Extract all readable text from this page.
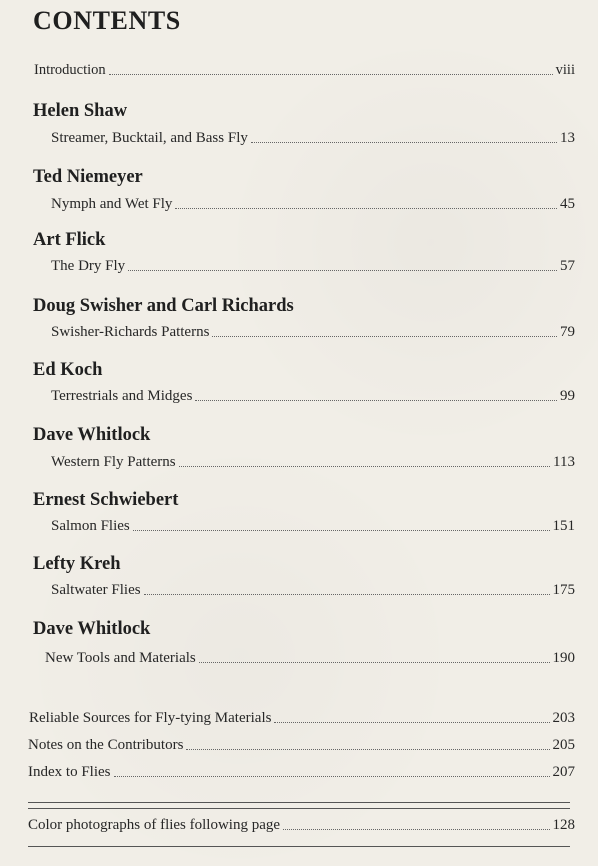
CONTENTS
Introduction	viii
Helen Shaw
Streamer, Bucktail, and Bass Fly	13
Ted Niemeyer
Nymph and Wet Fly	45
Art Flick
The Dry Fly	57
Doug Swisher and Carl Richards
Swisher-Richards Patterns	79
Ed Koch
Terrestrials and Midges	99
Dave Whitlock
Western Fly Patterns	113
Ernest Schwiebert
Salmon Flies	151
Lefty Kreh
Saltwater Flies	175
Dave Whitlock
New Tools and Materials	190
Reliable Sources for Fly-tying Materials	203
Notes on the Contributors	205
Index to Flies	207
Color photographs of flies following page	128
